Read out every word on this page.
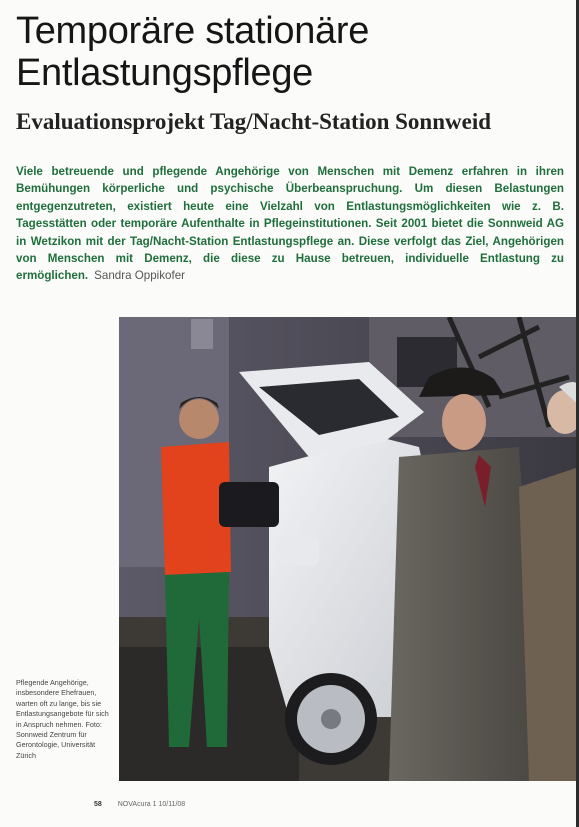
Temporäre stationäre
Entlastungspflege
Evaluationsprojekt Tag/Nacht-Station Sonnweid

Viele betreuende und pflegende Angehörige von Menschen mit Demenz erfahren in ihren Bemühungen körperliche und psychische Überbeanspruchung. Um diesen Belastungen entgegenzutreten, existiert heute eine Vielzahl von Entlastungsmöglichkeiten wie z. B. Tagesstätten oder temporäre Aufenthalte in Pflegeinstitutionen. Seit 2001 bietet die Sonnweid AG in Wetzikon mit der Tag/Nacht-Station Entlastungspflege an. Diese verfolgt das Ziel, Angehörigen von Menschen mit Demenz, die diese zu Hause betreuen, individuelle Entlastung zu ermöglichen. Sandra Oppikofer

Pflegende Angehörige, insbesondere Ehefrauen, warten oft zu lange, bis sie Entlastungsangebote für sich in Anspruch nehmen. Foto: Sonnweid Zentrum für Gerontologie, Universität Zürich

58 NOVAcura 1 10/11/08
